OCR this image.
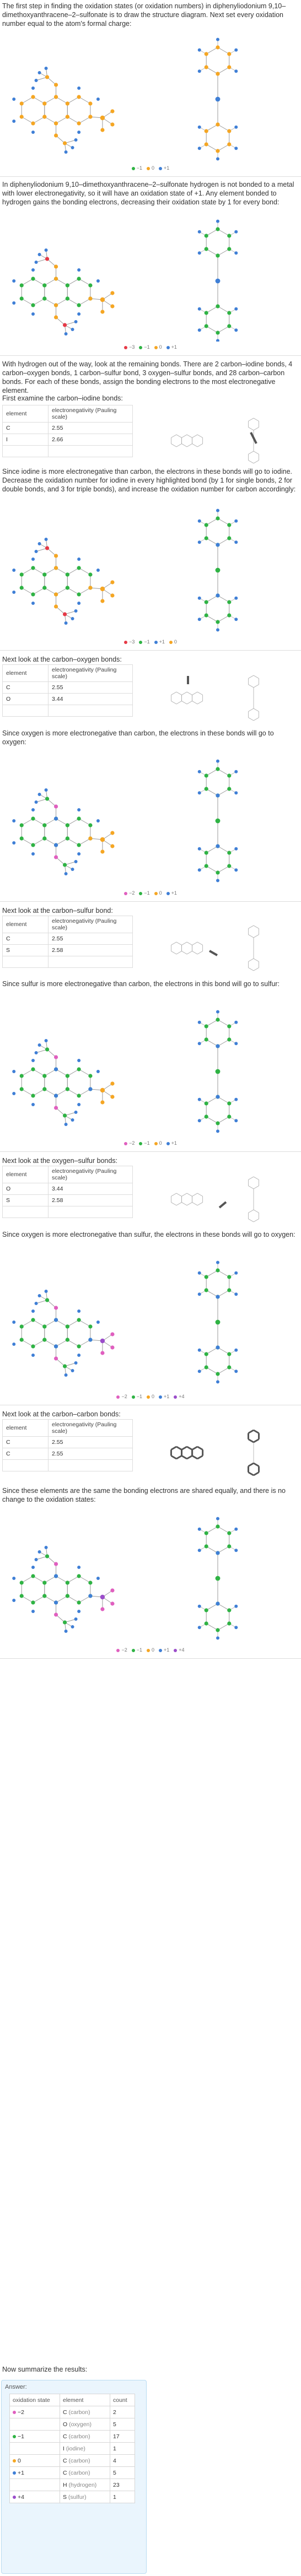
The first step in finding the oxidation states (or oxidation numbers) in diphenyliodonium 9,10–dimethoxyanthracene–2–sulfonate is to draw the structure diagram. Next set every oxidation number equal to the atom's formal charge:

−1 0 +1

In diphenyliodonium 9,10–dimethoxyanthracene–2–sulfonate hydrogen is not bonded to a metal with lower electronegativity, so it will have an oxidation state of +1. Any element bonded to hydrogen gains the bonding electrons, decreasing their oxidation state by 1 for every bond:

−3 −1 0 +1

With hydrogen out of the way, look at the remaining bonds. There are 2 carbon–iodine bonds, 4 carbon–oxygen bonds, 1 carbon–sulfur bond, 3 oxygen–sulfur bonds, and 28 carbon–carbon bonds. For each of these bonds, assign the bonding electrons to the most electronegative element.

First examine the carbon–iodine bonds:

element	electronegativity (Pauling scale)
C	2.55
I	2.66

Since iodine is more electronegative than carbon, the electrons in these bonds will go to iodine. Decrease the oxidation number for iodine in every highlighted bond (by 1 for single bonds, 2 for double bonds, and 3 for triple bonds), and increase the oxidation number for carbon accordingly:

−3 −1 +1 0

Next look at the carbon–oxygen bonds:

element	electronegativity (Pauling scale)
C	2.55
O	3.44

Since oxygen is more electronegative than carbon, the electrons in these bonds will go to oxygen:

−2 −1 0 +1

Next look at the carbon–sulfur bond:

element	electronegativity (Pauling scale)
C	2.55
S	2.58

Since sulfur is more electronegative than carbon, the electrons in this bond will go to sulfur:

−2 −1 0 +1

Next look at the oxygen–sulfur bonds:

element	electronegativity (Pauling scale)
O	3.44
S	2.58

Since oxygen is more electronegative than sulfur, the electrons in these bonds will go to oxygen:

−2 −1 0 +1 +4

Next look at the carbon–carbon bonds:

element	electronegativity (Pauling scale)
C	2.55
C	2.55

Since these elements are the same the bonding electrons are shared equally, and there is no change to the oxidation states:

−2 −1 0 +1 +4

Now summarize the results:

Answer:
oxidation state	element	count
−2	C (carbon)	2
	O (oxygen)	5
−1	C (carbon)	17
	I (iodine)	1
0	C (carbon)	4
+1	C (carbon)	5
	H (hydrogen)	23
+4	S (sulfur)	1
